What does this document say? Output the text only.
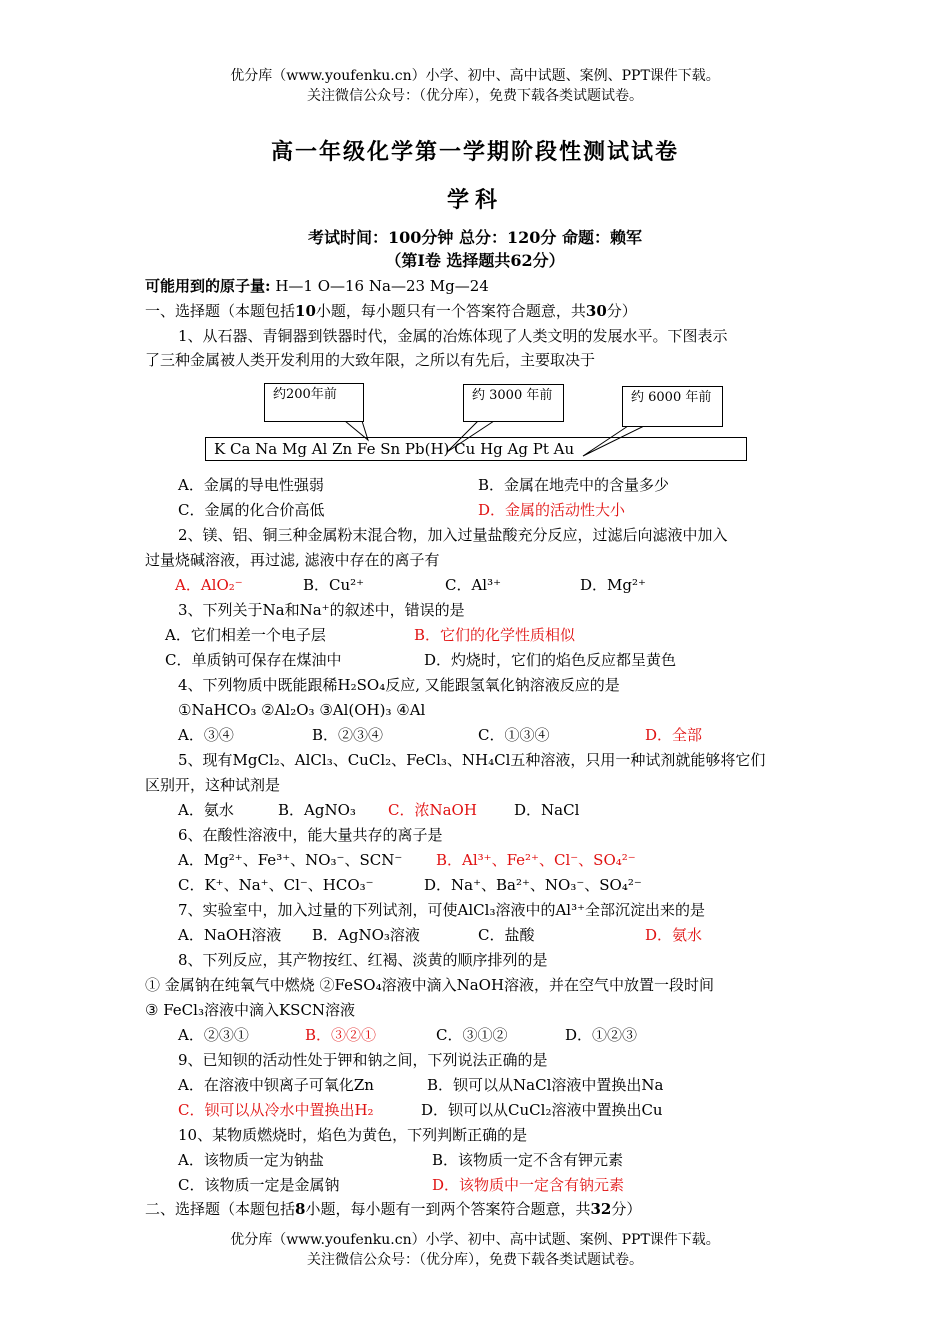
优分库（www.youfenku.cn）小学、初中、高中试题、案例、PPT课件下载。
关注微信公众号：（优分库），免费下载各类试题试卷。
高一年级化学第一学期阶段性测试试卷
学科
考试时间：100分钟 总分：120分 命题：赖军
（第I卷 选择题共62分）
可能用到的原子量: H—1 O—16 Na—23 Mg—24
一、选择题（本题包括10小题，每小题只有一个答案符合题意，共30分）
1、从石器、青铜器到铁器时代，金属的冶炼体现了人类文明的发展水平。下图表示
了三种金属被人类开发利用的大致年限，之所以有先后，主要取决于
K Ca Na Mg Al Zn Fe Sn Pb(H) Cu Hg Ag Pt Au
约200年前	约 3000 年前	约 6000 年前
A．金属的导电性强弱	B．金属在地壳中的含量多少
C．金属的化合价高低	D．金属的活动性大小
2、镁、铝、铜三种金属粉末混合物，加入过量盐酸充分反应，过滤后向滤液中加入
过量烧碱溶液，再过滤, 滤液中存在的离子有
A．AlO₂⁻	B．Cu²⁺	C．Al³⁺	D．Mg²⁺
3、下列关于Na和Na⁺的叙述中，错误的是
A．它们相差一个电子层	B．它们的化学性质相似
C．单质钠可保存在煤油中	D．灼烧时，它们的焰色反应都呈黄色
4、下列物质中既能跟稀H₂SO₄反应, 又能跟氢氧化钠溶液反应的是
①NaHCO₃ ②Al₂O₃ ③Al(OH)₃ ④Al
A．③④	B．②③④	C．①③④	D．全部
5、现有MgCl₂、AlCl₃、CuCl₂、FeCl₃、NH₄Cl五种溶液，只用一种试剂就能够将它们
区别开，这种试剂是
A．氨水	B．AgNO₃ C．浓NaOH D．NaCl
6、在酸性溶液中，能大量共存的离子是
A．Mg²⁺、Fe³⁺、NO₃⁻、SCN⁻ B．Al³⁺、Fe²⁺、Cl⁻、SO₄²⁻
C．K⁺、Na⁺、Cl⁻、HCO₃⁻	D．Na⁺、Ba²⁺、NO₃⁻、SO₄²⁻
7、实验室中，加入过量的下列试剂，可使AlCl₃溶液中的Al³⁺全部沉淀出来的是
A．NaOH溶液 B．AgNO₃溶液	C．盐酸	D．氨水
8、下列反应，其产物按红、红褐、淡黄的顺序排列的是
① 金属钠在纯氧气中燃烧 ②FeSO₄溶液中滴入NaOH溶液，并在空气中放置一段时间
③ FeCl₃溶液中滴入KSCN溶液
A．②③①	B．③②①	C．③①②	D．①②③
9、已知钡的活动性处于钾和钠之间，下列说法正确的是
A．在溶液中钡离子可氧化Zn	B．钡可以从NaCl溶液中置换出Na
C．钡可以从冷水中置换出H₂	D．钡可以从CuCl₂溶液中置换出Cu
10、某物质燃烧时，焰色为黄色，下列判断正确的是
A．该物质一定为钠盐	B．该物质一定不含有钾元素
C．该物质一定是金属钠	D．该物质中一定含有钠元素
二、选择题（本题包括8小题，每小题有一到两个答案符合题意，共32分）
优分库（www.youfenku.cn）小学、初中、高中试题、案例、PPT课件下载。
关注微信公众号：（优分库），免费下载各类试题试卷。
